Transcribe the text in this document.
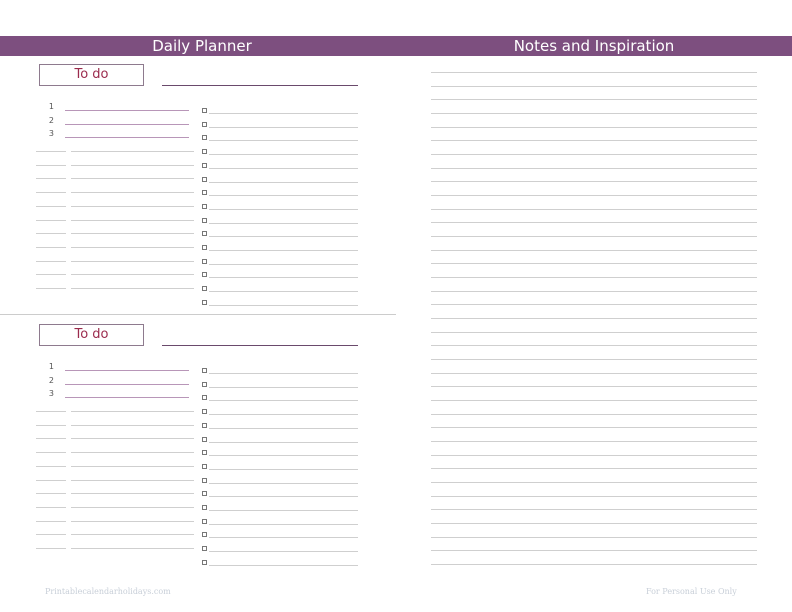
Daily Planner	Notes and Inspiration
To do
1
2
3
To do
1
2
3
Printablecalendarholidays.com	For Personal Use Only
